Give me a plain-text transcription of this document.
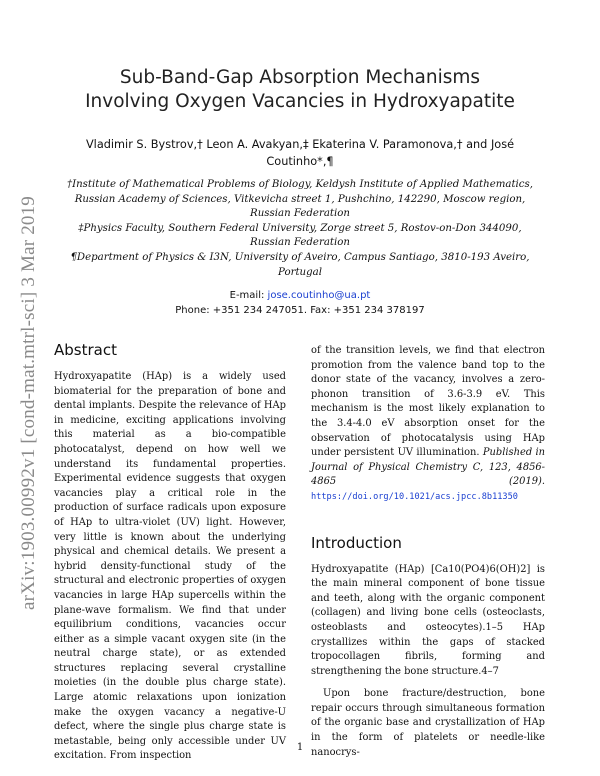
arXiv:1903.00992v1 [cond-mat.mtrl-sci] 3 Mar 2019
Sub-Band-Gap Absorption Mechanisms
Involving Oxygen Vacancies in Hydroxyapatite
Vladimir S. Bystrov,† Leon A. Avakyan,‡ Ekaterina V. Paramonova,† and José
Coutinho*,¶

†Institute of Mathematical Problems of Biology, Keldysh Institute of Applied Mathematics, Russian Academy of Sciences, Vitkevicha street 1, Pushchino, 142290, Moscow region, Russian Federation

‡Physics Faculty, Southern Federal University, Zorge street 5, Rostov-on-Don 344090, Russian Federation

¶Department of Physics & I3N, University of Aveiro, Campus Santiago, 3810-193 Aveiro, Portugal

E-mail: jose.coutinho@ua.pt
Phone: +351 234 247051. Fax: +351 234 378197
Abstract

Hydroxyapatite (HAp) is a widely used biomaterial for the preparation of bone and dental implants. Despite the relevance of HAp in medicine, exciting applications involving this material as a bio-compatible photocatalyst, depend on how well we understand its fundamental properties. Experimental evidence suggests that oxygen vacancies play a critical role in the production of surface radicals upon exposure of HAp to ultra-violet (UV) light. However, very little is known about the underlying physical and chemical details. We present a hybrid density-functional study of the structural and electronic properties of oxygen vacancies in large HAp supercells within the plane-wave formalism. We find that under equilibrium conditions, vacancies occur either as a simple vacant oxygen site (in the neutral charge state), or as extended structures replacing several crystalline moieties (in the double plus charge state). Large atomic relaxations upon ionization make the oxygen vacancy a negative-U defect, where the single plus charge state is metastable, being only accessible under UV excitation. From inspection

of the transition levels, we find that electron promotion from the valence band top to the donor state of the vacancy, involves a zero-phonon transition of 3.6-3.9 eV. This mechanism is the most likely explanation to the 3.4-4.0 eV absorption onset for the observation of photocatalysis using HAp under persistent UV illumination. Published in Journal of Physical Chemistry C, 123, 4856-4865 (2019). https://doi.org/10.1021/acs.jpcc.8b11350

Introduction

Hydroxyapatite (HAp) [Ca10(PO4)6(OH)2] is the main mineral component of bone tissue and teeth, along with the organic component (collagen) and living bone cells (osteoclasts, osteoblasts and osteocytes).1–5 HAp crystallizes within the gaps of stacked tropocollagen fibrils, forming and strengthening the bone structure.4–7

Upon bone fracture/destruction, bone repair occurs through simultaneous formation of the organic base and crystallization of HAp in the form of platelets or needle-like nanocrys-

1
